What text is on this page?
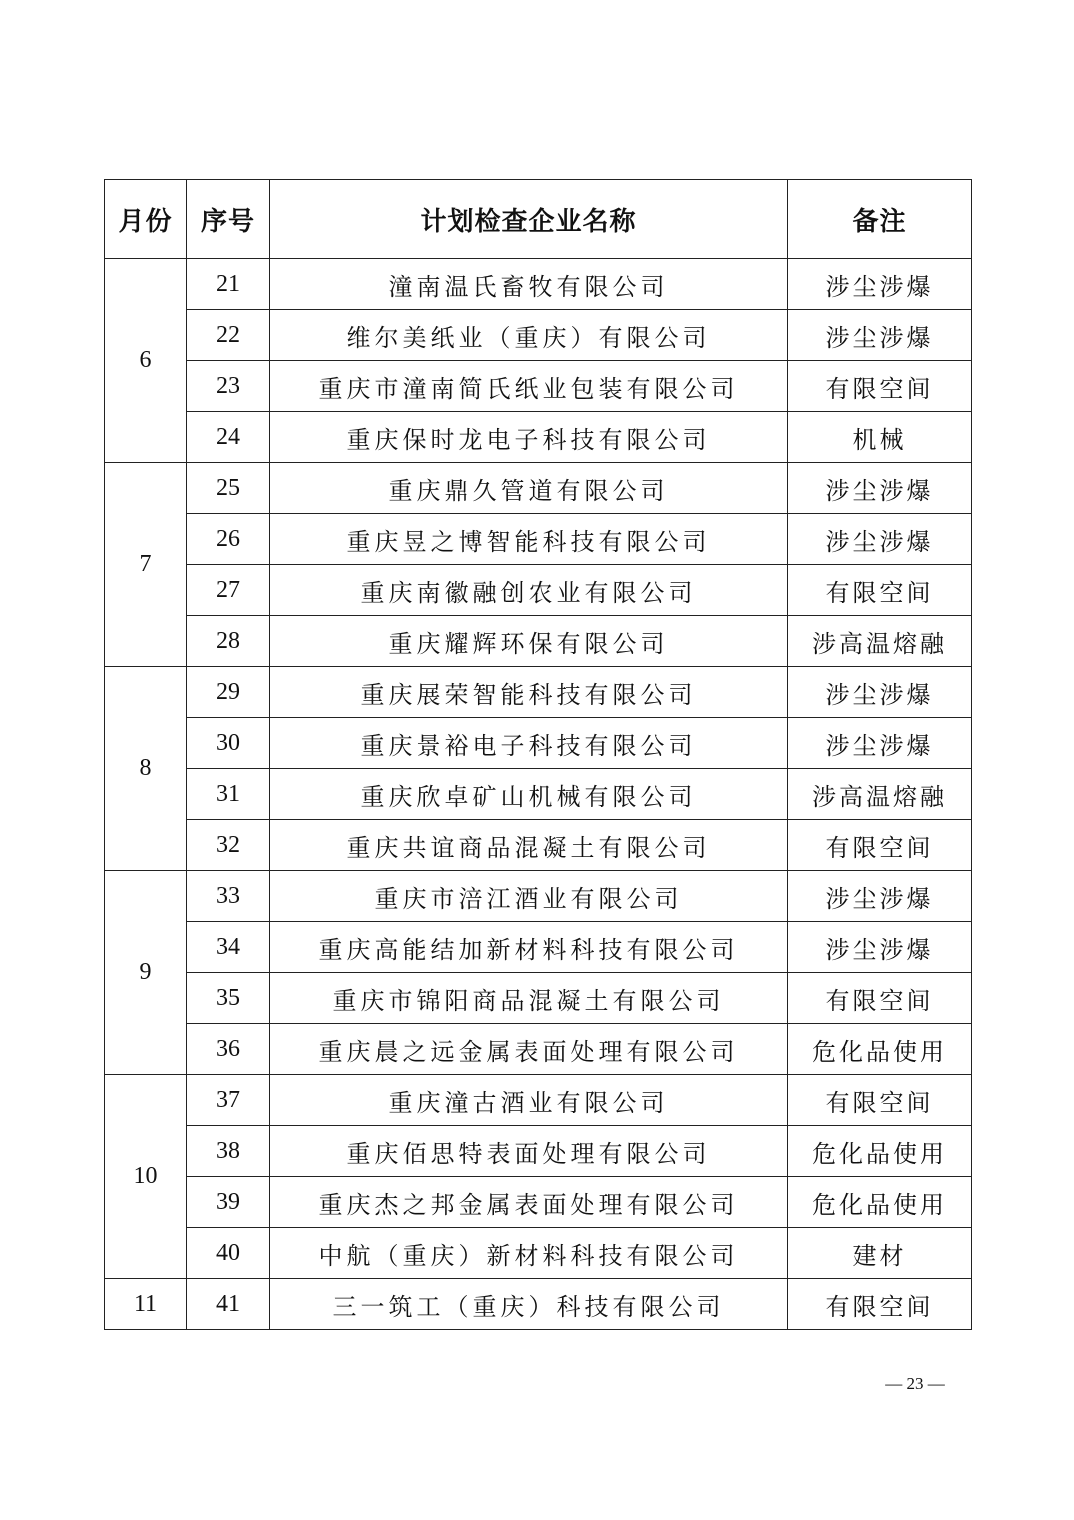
月份	序号	计划检查企业名称	备注
6	21	潼南温氏畜牧有限公司	涉尘涉爆
	22	维尔美纸业（重庆）有限公司	涉尘涉爆
	23	重庆市潼南简氏纸业包装有限公司	有限空间
	24	重庆保时龙电子科技有限公司	机械
7	25	重庆鼎久管道有限公司	涉尘涉爆
	26	重庆昱之博智能科技有限公司	涉尘涉爆
	27	重庆南徽融创农业有限公司	有限空间
	28	重庆耀辉环保有限公司	涉高温熔融
8	29	重庆展荣智能科技有限公司	涉尘涉爆
	30	重庆景裕电子科技有限公司	涉尘涉爆
	31	重庆欣卓矿山机械有限公司	涉高温熔融
	32	重庆共谊商品混凝土有限公司	有限空间
9	33	重庆市涪江酒业有限公司	涉尘涉爆
	34	重庆高能结加新材料科技有限公司	涉尘涉爆
	35	重庆市锦阳商品混凝土有限公司	有限空间
	36	重庆晨之远金属表面处理有限公司	危化品使用
10	37	重庆潼古酒业有限公司	有限空间
	38	重庆佰思特表面处理有限公司	危化品使用
	39	重庆杰之邦金属表面处理有限公司	危化品使用
	40	中航（重庆）新材料科技有限公司	建材
11	41	三一筑工（重庆）科技有限公司	有限空间
— 23 —
